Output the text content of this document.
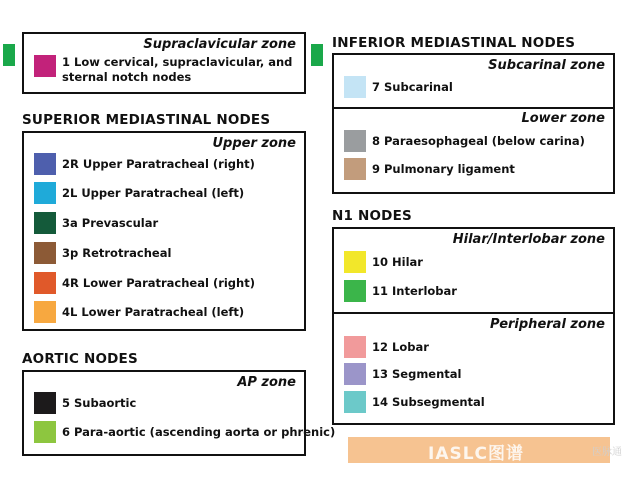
Supraclavicular zone
1 Low cervical, supraclavicular, and
sternal notch nodes
SUPERIOR MEDIASTINAL NODES
Upper zone
2R Upper Paratracheal (right)
2L Upper Paratracheal (left)
3a Prevascular
3p Retrotracheal
4R Lower Paratracheal (right)
4L Lower Paratracheal (left)
AORTIC NODES
AP zone
5 Subaortic
6 Para-aortic (ascending aorta or phrenic)
INFERIOR MEDIASTINAL NODES
Subcarinal zone
7 Subcarinal
Lower zone
8 Paraesophageal (below carina)
9 Pulmonary ligament
N1 NODES
Hilar/Interlobar zone
10 Hilar
11 Interlobar
Peripheral zone
12 Lobar
13 Segmental
14 Subsegmental
IASLC图谱	医脉通
